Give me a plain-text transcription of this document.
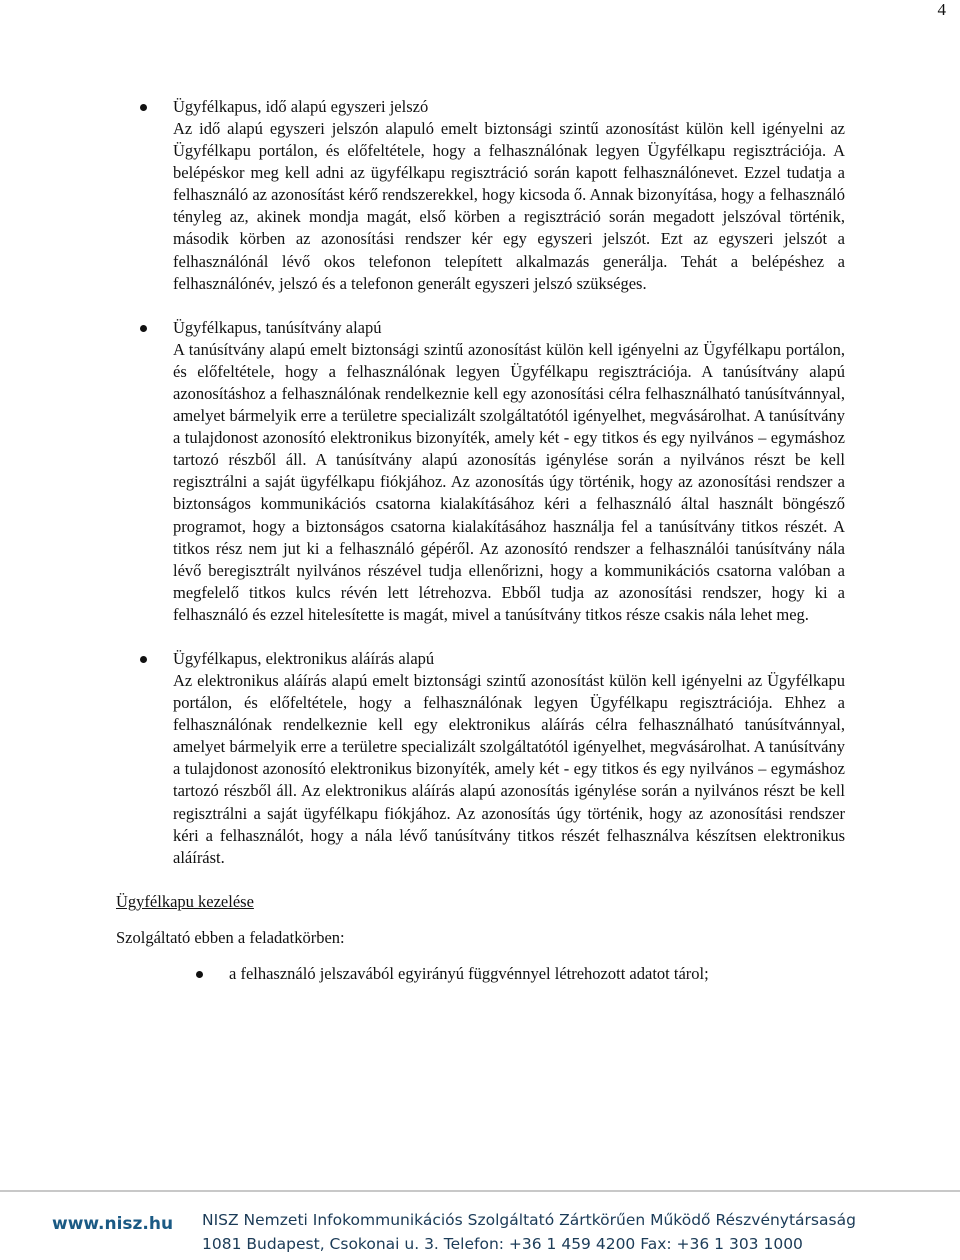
4
Ügyfélkapus, idő alapú egyszeri jelszó

Az idő alapú egyszeri jelszón alapuló emelt biztonsági szintű azonosítást külön kell igényelni az Ügyfélkapu portálon, és előfeltétele, hogy a felhasználónak legyen Ügyfélkapu regisztrációja. A belépéskor meg kell adni az ügyfélkapu regisztráció során kapott felhasználónevet. Ezzel tudatja a felhasználó az azonosítást kérő rendszerekkel, hogy kicsoda ő. Annak bizonyítása, hogy a felhasználó tényleg az, akinek mondja magát, első körben a regisztráció során megadott jelszóval történik, második körben az azonosítási rendszer kér egy egyszeri jelszót. Ezt az egyszeri jelszót a felhasználónál lévő okos telefonon telepített alkalmazás generálja. Tehát a belépéshez a felhasználónév, jelszó és a telefonon generált egyszeri jelszó szükséges.

Ügyfélkapus, tanúsítvány alapú

A tanúsítvány alapú emelt biztonsági szintű azonosítást külön kell igényelni az Ügyfélkapu portálon, és előfeltétele, hogy a felhasználónak legyen Ügyfélkapu regisztrációja. A tanúsítvány alapú azonosításhoz a felhasználónak rendelkeznie kell egy azonosítási célra felhasználható tanúsítvánnyal, amelyet bármelyik erre a területre specializált szolgáltatótól igényelhet, megvásárolhat. A tanúsítvány a tulajdonost azonosító elektronikus bizonyíték, amely két - egy titkos és egy nyilvános – egymáshoz tartozó részből áll. A tanúsítvány alapú azonosítás igénylése során a nyilvános részt be kell regisztrálni a saját ügyfélkapu fiókjához. Az azonosítás úgy történik, hogy az azonosítási rendszer a biztonságos kommunikációs csatorna kialakításához kéri a felhasználó által használt böngésző programot, hogy a biztonságos csatorna kialakításához használja fel a tanúsítvány titkos részét. A titkos rész nem jut ki a felhasználó gépéről. Az azonosító rendszer a felhasználói tanúsítvány nála lévő beregisztrált nyilvános részével tudja ellenőrizni, hogy a kommunikációs csatorna valóban a megfelelő titkos kulcs révén lett létrehozva. Ebből tudja az azonosítási rendszer, hogy ki a felhasználó és ezzel hitelesítette is magát, mivel a tanúsítvány titkos része csakis nála lehet meg.

Ügyfélkapus, elektronikus aláírás alapú

Az elektronikus aláírás alapú emelt biztonsági szintű azonosítást külön kell igényelni az Ügyfélkapu portálon, és előfeltétele, hogy a felhasználónak legyen Ügyfélkapu regisztrációja. Ehhez a felhasználónak rendelkeznie kell egy elektronikus aláírás célra felhasználható tanúsítvánnyal, amelyet bármelyik erre a területre specializált szolgáltatótól igényelhet, megvásárolhat. A tanúsítvány a tulajdonost azonosító elektronikus bizonyíték, amely két - egy titkos és egy nyilvános – egymáshoz tartozó részből áll. Az elektronikus aláírás alapú azonosítás igénylése során a nyilvános részt be kell regisztrálni a saját ügyfélkapu fiókjához. Az azonosítás úgy történik, hogy az azonosítási rendszer kéri a felhasználót, hogy a nála lévő tanúsítvány titkos részét felhasználva készítsen elektronikus aláírást.

Ügyfélkapu kezelése
Szolgáltató ebben a feladatkörben:
a felhasználó jelszavából egyirányú függvénnyel létrehozott adatot tárol;
www.nisz.hu NISZ Nemzeti Infokommunikációs Szolgáltató Zártkörűen Működő Részvénytársaság
1081 Budapest, Csokonai u. 3. Telefon: +36 1 459 4200 Fax: +36 1 303 1000
